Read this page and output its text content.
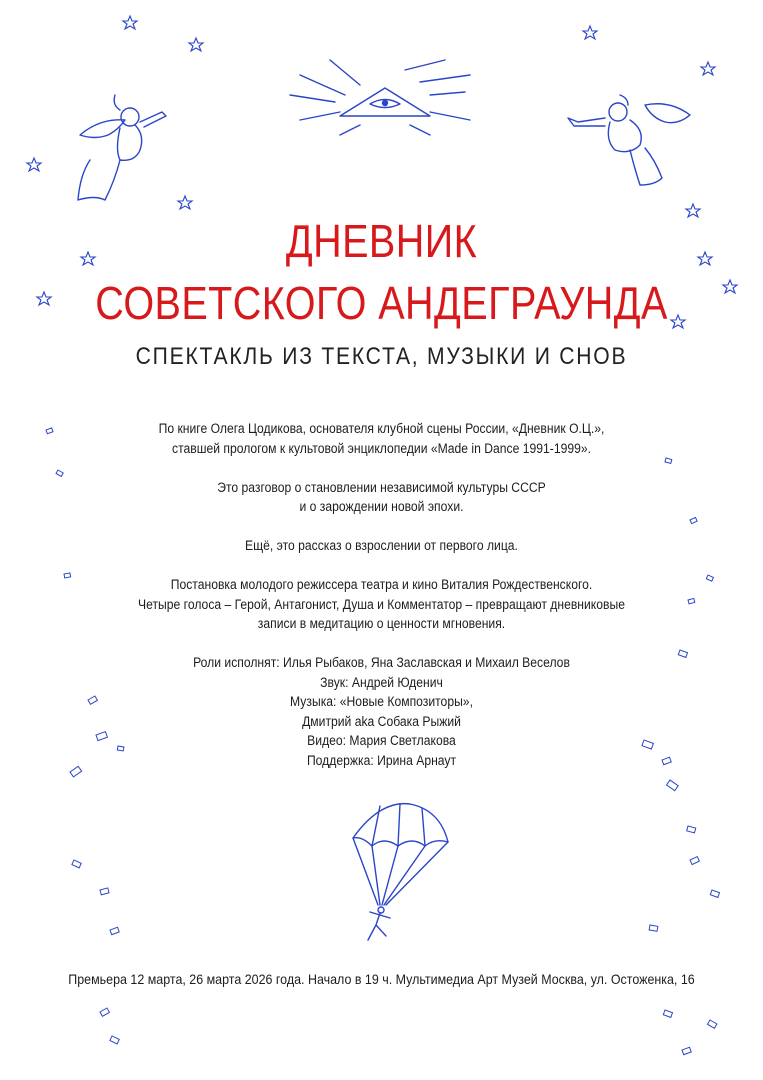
ДНЕВНИК
СОВЕТСКОГО АНДЕГРАУНДА
СПЕКТАКЛЬ ИЗ ТЕКСТА, МУЗЫКИ И СНОВ

По книге Олега Цодикова, основателя клубной сцены России, «Дневник О.Ц.»,

ставшей прологом к культовой энциклопедии «Made in Dance 1991-1999».

Это разговор о становлении независимой культуры СССР

и о зарождении новой эпохи.

Ещё, это рассказ о взрослении от первого лица.

Постановка молодого режиссера театра и кино Виталия Рождественского.

Четыре голоса – Герой, Антагонист, Душа и Комментатор – превращают дневниковые

записи в медитацию о ценности мгновения.

Роли исполнят: Илья Рыбаков, Яна Заславская и Михаил Веселов

Звук: Андрей Юденич

Музыка: «Новые Композиторы»,

Дмитрий aka Собака Рыжий

Видео: Мария Светлакова

Поддержка: Ирина Арнаут

Премьера 12 марта, 26 марта 2026 года. Начало в 19 ч. Мультимедиа Арт Музей Москва, ул. Остоженка, 16
